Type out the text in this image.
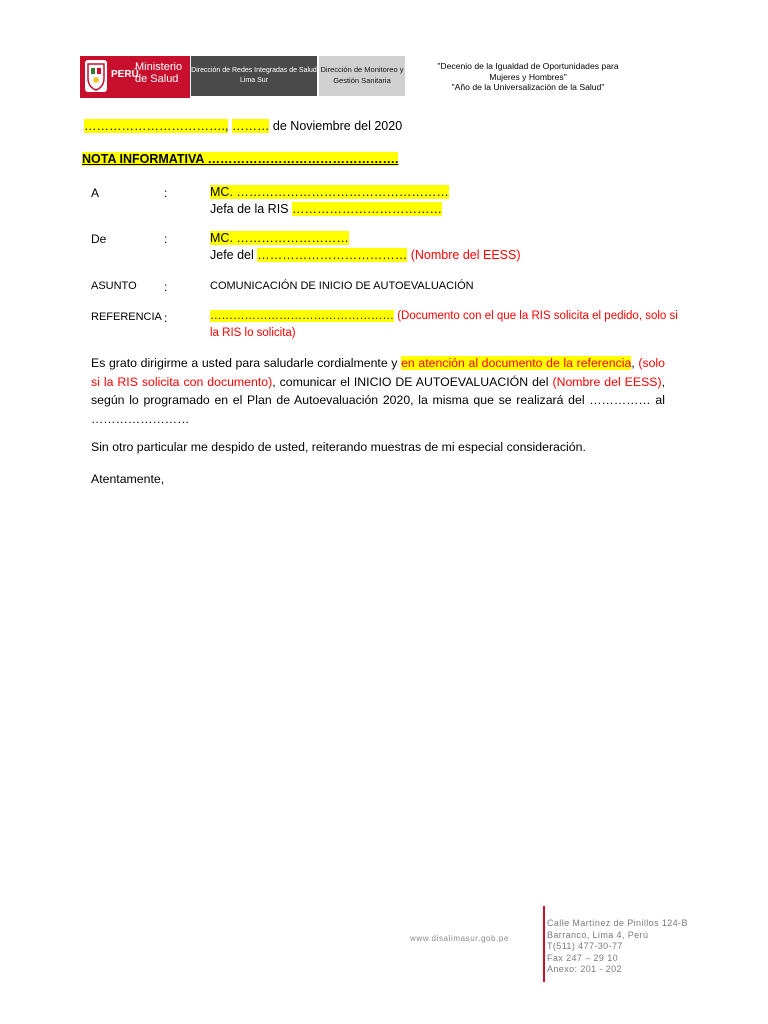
PERÚ
Ministerio
de Salud
Dirección de Redes Integradas de Salud
Lima Sur
Dirección de Monitoreo y
Gestión Sanitaria
"Decenio de la Igualdad de Oportunidades para
Mujeres y Hombres"
"Año de la Universalización de la Salud"
……………………………., ……… de Noviembre del 2020
NOTA INFORMATIVA ……………………………………….
A	:	MC. ……………………………………………
Jefa de la RIS ………………………………
De	:	MC. ………………………
Jefe del ……………………………… (Nombre del EESS)
ASUNTO :	COMUNICACIÓN DE INICIO DE AUTOEVALUACIÓN
REFERENCIA :	………………………………………… (Documento con el que la RIS solicita el pedido, solo si
la RIS lo solicita)
Es grato dirigirme a usted para saludarle cordialmente y en atención al documento de la referencia, (solo si la RIS solicita con documento), comunicar el INICIO DE AUTOEVALUACIÓN del (Nombre del EESS), según lo programado en el Plan de Autoevaluación 2020, la misma que se realizará del …………… al ……………………
Sin otro particular me despido de usted, reiterando muestras de mi especial consideración.
Atentamente,
www.disalimasur.gob.pe
Calle Martínez de Pinillos 124-B
Barranco, Lima 4, Perú
T(511) 477-30-77
Fax 247 – 29 10
Anexo: 201 - 202
